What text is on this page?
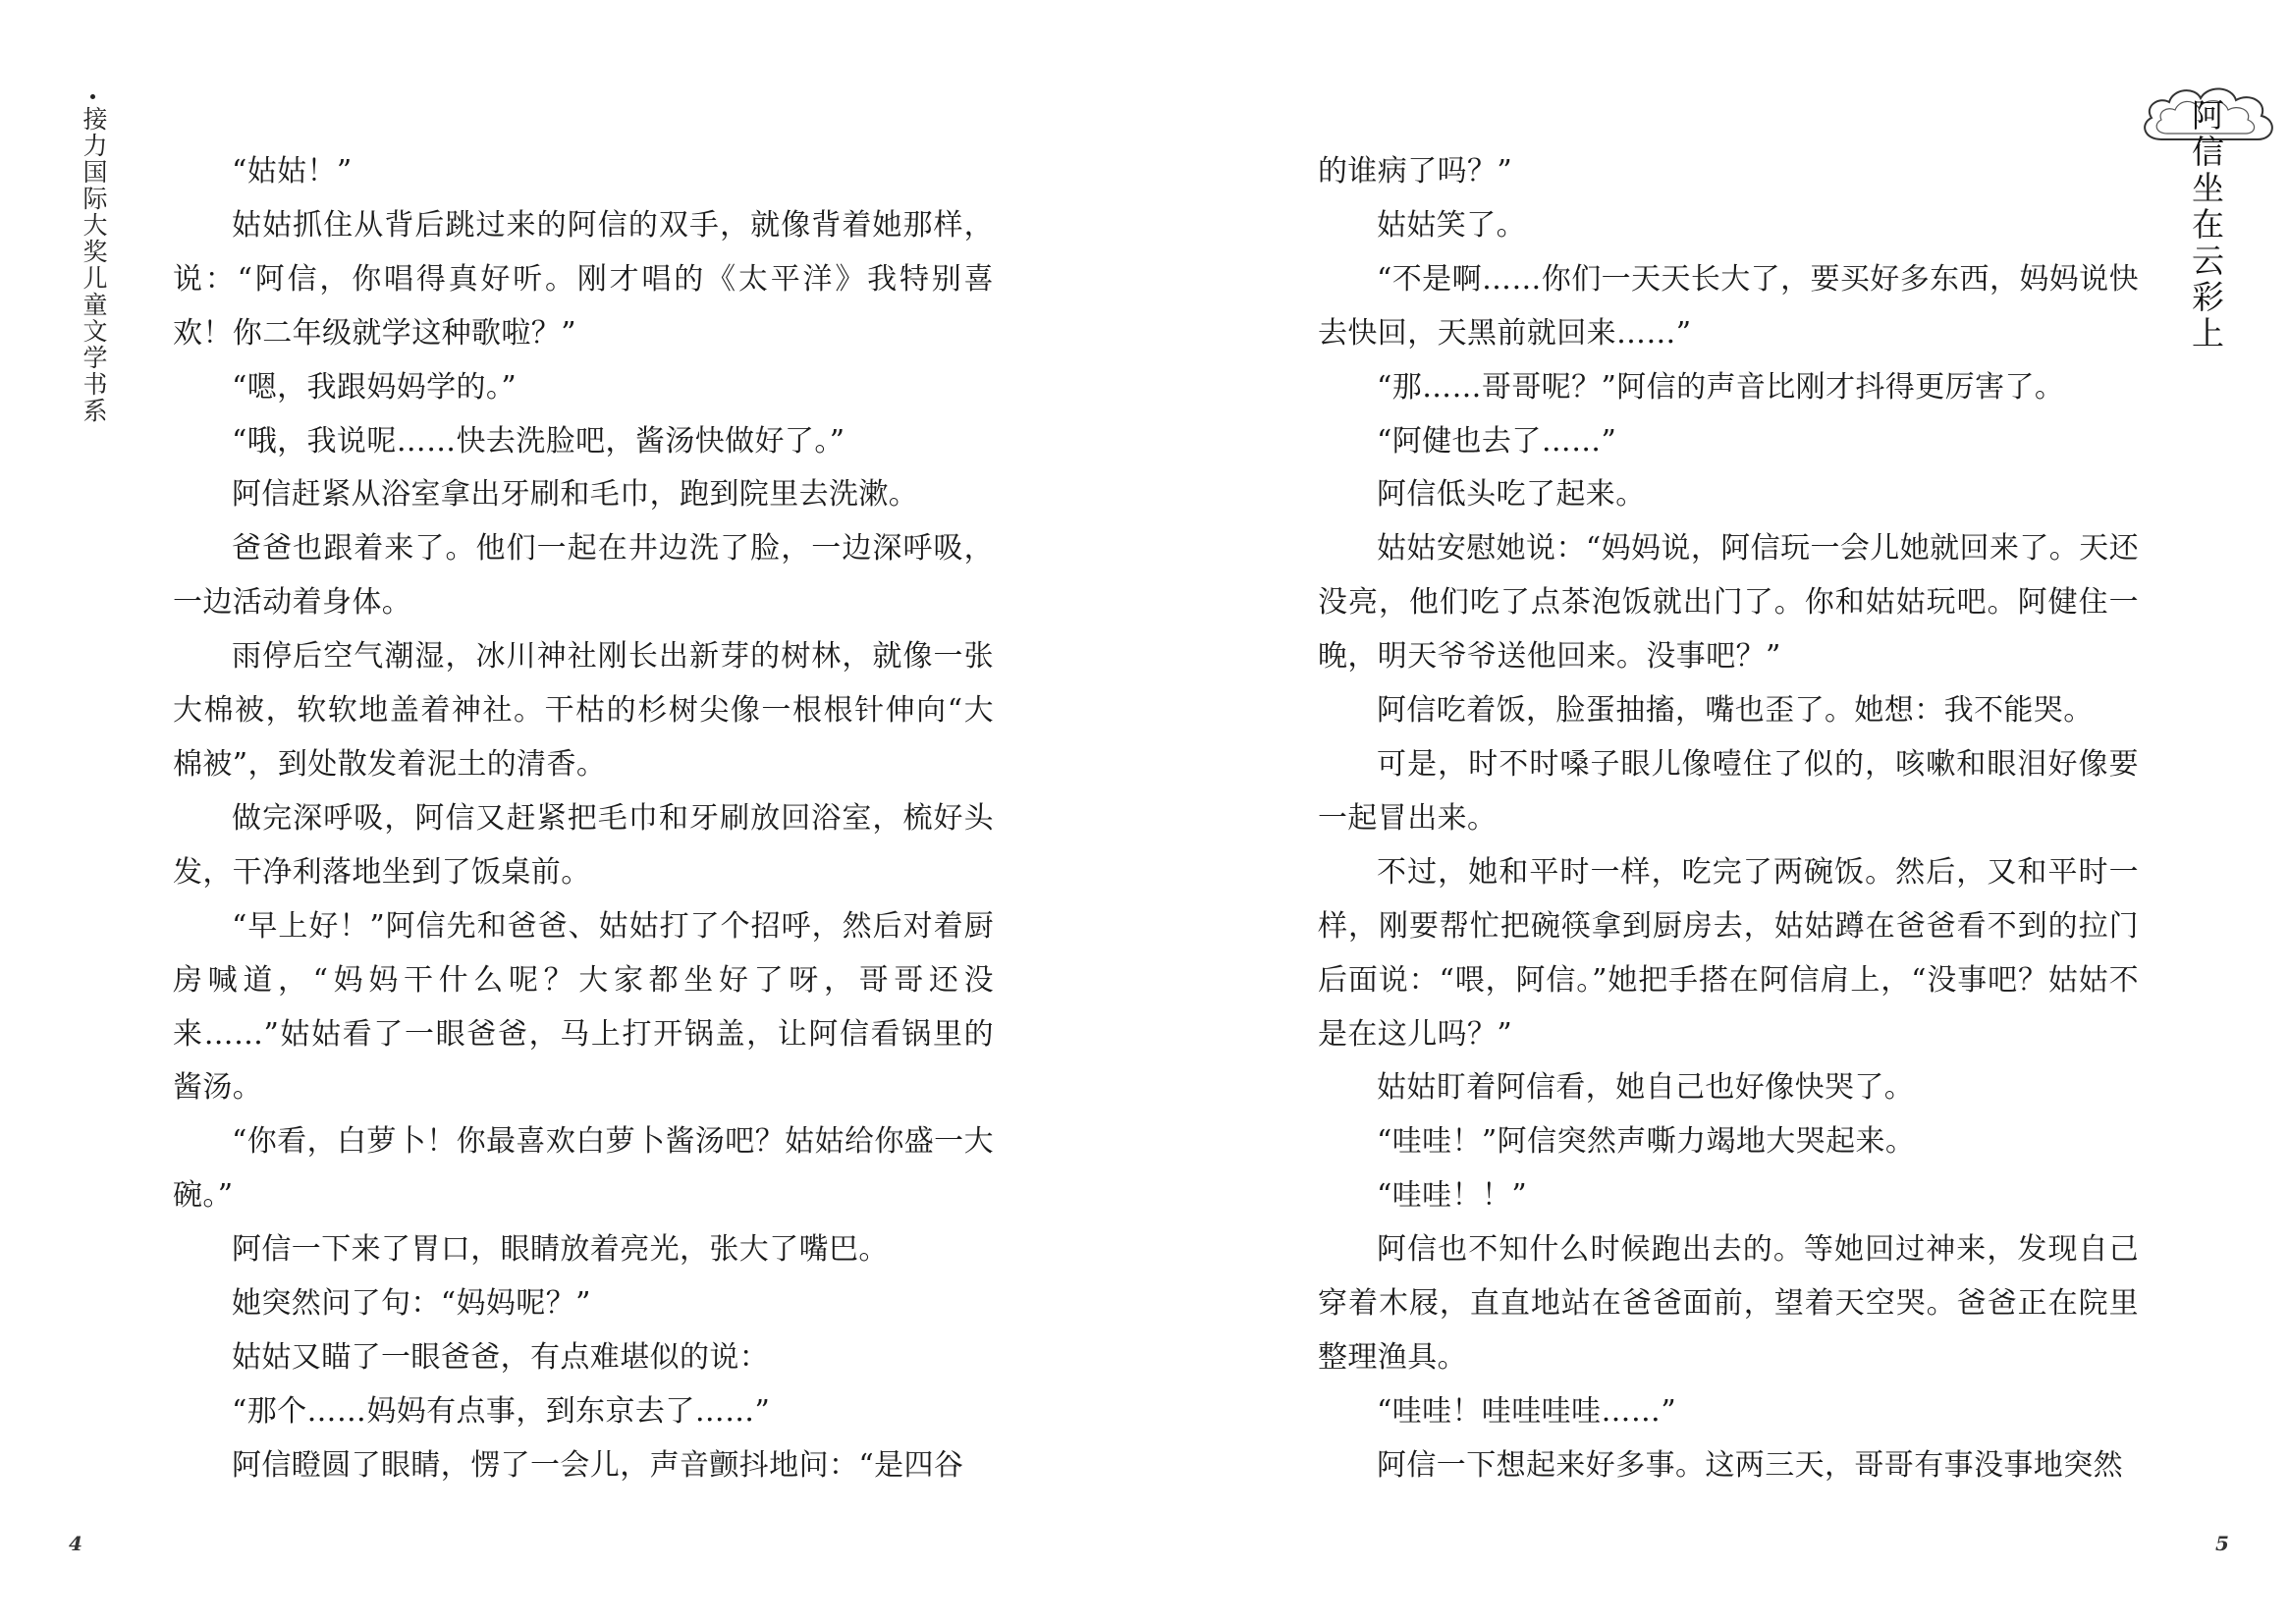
接力国际大奖儿童文学书系	“姑姑！”

姑姑抓住从背后跳过来的阿信的双手，就像背着她那样，说：“阿信，你唱得真好听。刚才唱的《太平洋》我特别喜欢！你二年级就学这种歌啦？”

“嗯，我跟妈妈学的。”

“哦，我说呢……快去洗脸吧，酱汤快做好了。”

阿信赶紧从浴室拿出牙刷和毛巾，跑到院里去洗漱。

爸爸也跟着来了。他们一起在井边洗了脸，一边深呼吸，一边活动着身体。

雨停后空气潮湿，冰川神社刚长出新芽的树林，就像一张大棉被，软软地盖着神社。干枯的杉树尖像一根根针伸向“大棉被”，到处散发着泥土的清香。

做完深呼吸，阿信又赶紧把毛巾和牙刷放回浴室，梳好头发，干净利落地坐到了饭桌前。

“早上好！”阿信先和爸爸、姑姑打了个招呼，然后对着厨房喊道，“妈妈干什么呢？大家都坐好了呀，哥哥还没来……”姑姑看了一眼爸爸，马上打开锅盖，让阿信看锅里的酱汤。

“你看，白萝卜！你最喜欢白萝卜酱汤吧？姑姑给你盛一大碗。”

阿信一下来了胃口，眼睛放着亮光，张大了嘴巴。

她突然问了句：“妈妈呢？”

姑姑又瞄了一眼爸爸，有点难堪似的说：

“那个……妈妈有点事，到东京去了……”

阿信瞪圆了眼睛，愣了一会儿，声音颤抖地问：“是四谷

4
阿信坐在云彩上

的谁病了吗？”

姑姑笑了。

“不是啊……你们一天天长大了，要买好多东西，妈妈说快去快回，天黑前就回来……”

“那……哥哥呢？”阿信的声音比刚才抖得更厉害了。

“阿健也去了……”

阿信低头吃了起来。

姑姑安慰她说：“妈妈说，阿信玩一会儿她就回来了。天还没亮，他们吃了点茶泡饭就出门了。你和姑姑玩吧。阿健住一晚，明天爷爷送他回来。没事吧？”

阿信吃着饭，脸蛋抽搐，嘴也歪了。她想：我不能哭。

可是，时不时嗓子眼儿像噎住了似的，咳嗽和眼泪好像要一起冒出来。

不过，她和平时一样，吃完了两碗饭。然后，又和平时一样，刚要帮忙把碗筷拿到厨房去，姑姑蹲在爸爸看不到的拉门后面说：“喂，阿信。”她把手搭在阿信肩上，“没事吧？姑姑不是在这儿吗？”

姑姑盯着阿信看，她自己也好像快哭了。

“哇哇！”阿信突然声嘶力竭地大哭起来。

“哇哇！！”

阿信也不知什么时候跑出去的。等她回过神来，发现自己穿着木屐，直直地站在爸爸面前，望着天空哭。爸爸正在院里整理渔具。

“哇哇！哇哇哇哇……”

阿信一下想起来好多事。这两三天，哥哥有事没事地突然

5
